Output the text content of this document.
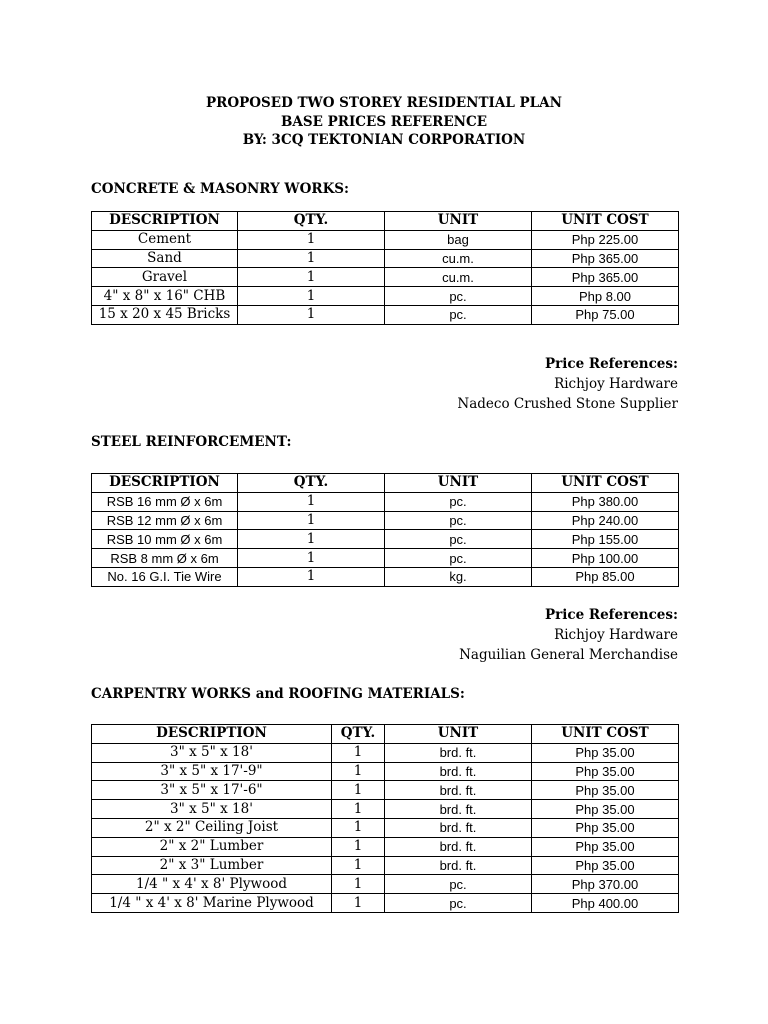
PROPOSED TWO STOREY RESIDENTIAL PLAN
BASE PRICES REFERENCE
BY: 3CQ TEKTONIAN CORPORATION
CONCRETE & MASONRY WORKS:
DESCRIPTION	QTY.	UNIT	UNIT COST
Cement	1	bag	Php 225.00
Sand	1	cu.m.	Php 365.00
Gravel	1	cu.m.	Php 365.00
4" x 8" x 16" CHB	1	pc.	Php 8.00
15 x 20 x 45 Bricks	1	pc.	Php 75.00
Price References:
Richjoy Hardware
Nadeco Crushed Stone Supplier
STEEL REINFORCEMENT:
DESCRIPTION	QTY.	UNIT	UNIT COST
RSB 16 mm Ø x 6m	1	pc.	Php 380.00
RSB 12 mm Ø x 6m	1	pc.	Php 240.00
RSB 10 mm Ø x 6m	1	pc.	Php 155.00
RSB 8 mm Ø x 6m	1	pc.	Php 100.00
No. 16 G.I. Tie Wire	1	kg.	Php 85.00
Price References:
Richjoy Hardware
Naguilian General Merchandise
CARPENTRY WORKS and ROOFING MATERIALS:
DESCRIPTION	QTY.	UNIT	UNIT COST
3" x 5" x 18'	1	brd. ft.	Php 35.00
3" x 5" x 17'-9"	1	brd. ft.	Php 35.00
3" x 5" x 17'-6"	1	brd. ft.	Php 35.00
3" x 5" x 18'	1	brd. ft.	Php 35.00
2" x 2" Ceiling Joist	1	brd. ft.	Php 35.00
2" x 2" Lumber	1	brd. ft.	Php 35.00
2" x 3" Lumber	1	brd. ft.	Php 35.00
1/4 " x 4' x 8' Plywood	1	pc.	Php 370.00
1/4 " x 4' x 8' Marine Plywood	1	pc.	Php 400.00
